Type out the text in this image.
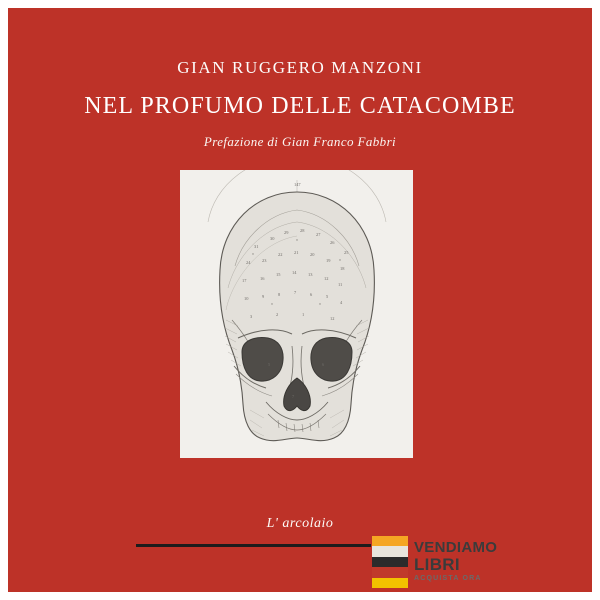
GIAN RUGGERO MANZONI
NEL PROFUMO DELLE CATACOMBE
Prefazione di Gian Franco Fabbri
147
31
30
29	28
27
26
25
24	23
22	21	20
19
18
17	16
15	14	13
12
11
10	9	8	7	6	5
4
3	2	1
12
5	6
7
L' arcolaio
VENDIAMO
LIBRI
ACQUISTA ORA
